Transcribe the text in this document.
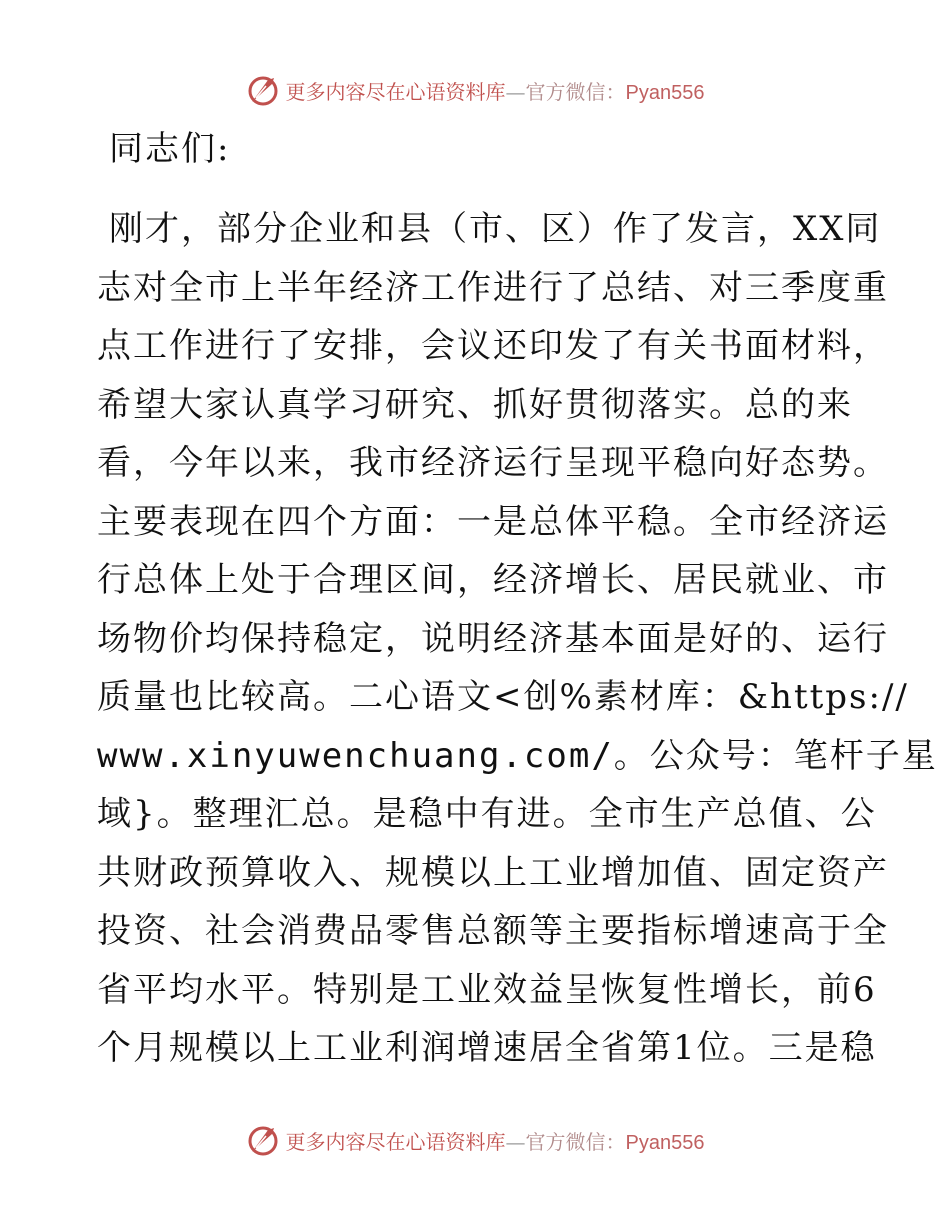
更多内容尽在心语资料库—官方微信：Pyan556
同志们:
刚才，部分企业和县（市、区）作了发言，XX同
志对全市上半年经济工作进行了总结、对三季度重
点工作进行了安排，会议还印发了有关书面材料，
希望大家认真学习研究、抓好贯彻落实。总的来
看，今年以来，我市经济运行呈现平稳向好态势。
主要表现在四个方面：一是总体平稳。全市经济运
行总体上处于合理区间，经济增长、居民就业、市
场物价均保持稳定，说明经济基本面是好的、运行
质量也比较高。二心语文<创%素材库：&https://
www.xinyuwenchuang.com/。公众号：笔杆子星
域}。整理汇总。是稳中有进。全市生产总值、公
共财政预算收入、规模以上工业增加值、固定资产
投资、社会消费品零售总额等主要指标增速高于全
省平均水平。特别是工业效益呈恢复性增长，前6
个月规模以上工业利润增速居全省第1位。三是稳
更多内容尽在心语资料库—官方微信：Pyan556
